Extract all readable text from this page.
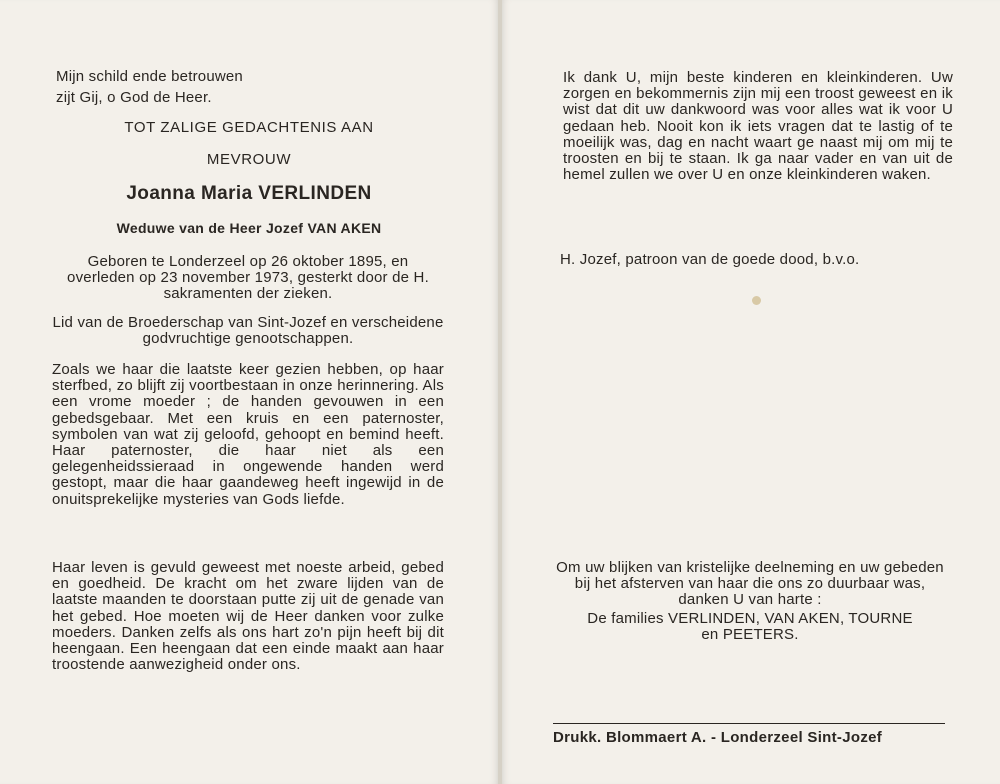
Mijn schild ende betrouwen
zijt Gij, o God de Heer.
TOT ZALIGE GEDACHTENIS AAN
MEVROUW
Joanna Maria VERLINDEN
Weduwe van de Heer Jozef VAN AKEN
Geboren te Londerzeel op 26 oktober 1895, en overleden op 23 november 1973, gesterkt door de H. sakramenten der zieken.
Lid van de Broederschap van Sint-Jozef en verscheidene godvruchtige genootschappen.
Zoals we haar die laatste keer gezien hebben, op haar sterfbed, zo blijft zij voortbestaan in onze herinnering. Als een vrome moeder ; de handen gevouwen in een gebedsgebaar. Met een kruis en een paternoster, symbolen van wat zij geloofd, gehoopt en bemind heeft. Haar paternoster, die haar niet als een gelegenheidssieraad in ongewende handen werd gestopt, maar die haar gaandeweg heeft ingewijd in de onuitsprekelijke mysteries van Gods liefde.
Haar leven is gevuld geweest met noeste arbeid, gebed en goedheid. De kracht om het zware lijden van de laatste maanden te doorstaan putte zij uit de genade van het gebed. Hoe moeten wij de Heer danken voor zulke moeders. Danken zelfs als ons hart zo'n pijn heeft bij dit heengaan. Een heengaan dat een einde maakt aan haar troostende aanwezigheid onder ons.
Ik dank U, mijn beste kinderen en kleinkinderen. Uw zorgen en bekommernis zijn mij een troost geweest en ik wist dat dit uw dankwoord was voor alles wat ik voor U gedaan heb. Nooit kon ik iets vragen dat te lastig of te moeilijk was, dag en nacht waart ge naast mij om mij te troosten en bij te staan. Ik ga naar vader en van uit de hemel zullen we over U en onze kleinkinderen waken.
H. Jozef, patroon van de goede dood, b.v.o.
Om uw blijken van kristelijke deelneming en uw gebeden bij het afsterven van haar die ons zo duurbaar was, danken U van harte :
De families VERLINDEN, VAN AKEN, TOURNE
en PEETERS.
Drukk. Blommaert A. - Londerzeel Sint-Jozef
